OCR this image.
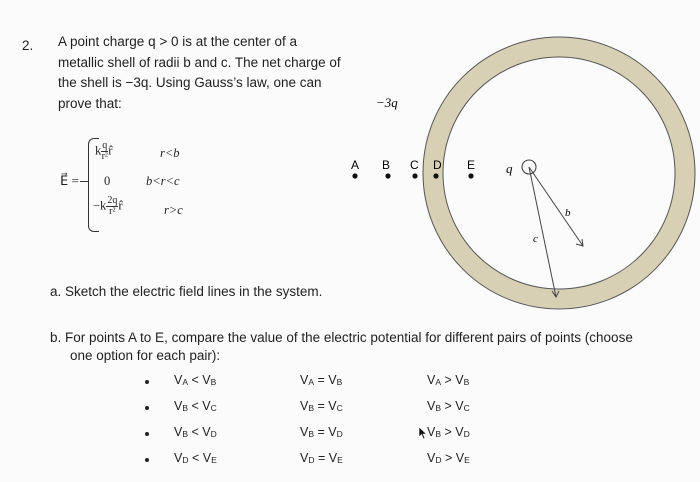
2. A point charge q > 0 is at the center of a
metallic shell of radii b and c. The net charge of
the shell is −3q. Using Gauss’s law, one can
prove that:
E⃗ =
k $\frac{q}{\text{r²}}r̂$	r<b
0	b<r<c
$-k \frac{2q}{\text{r²}}r̂$	r>c
A B C D E
−3q
q
b
c
a. Sketch the electric field lines in the system.
b. For points A to E, compare the value of the electric potential for different pairs of points (choose
one option for each pair):
$V_A < V_B$	$V_A = V_B$	$V_A > V_B$
$V_B < V_C$	$V_B = V_C$	$V_B > V_C$
$V_B < V_D$	$V_B = V_D$	$V_B > V_D$
$V_D < V_E$	$V_D = V_E$	$V_D > V_E$
